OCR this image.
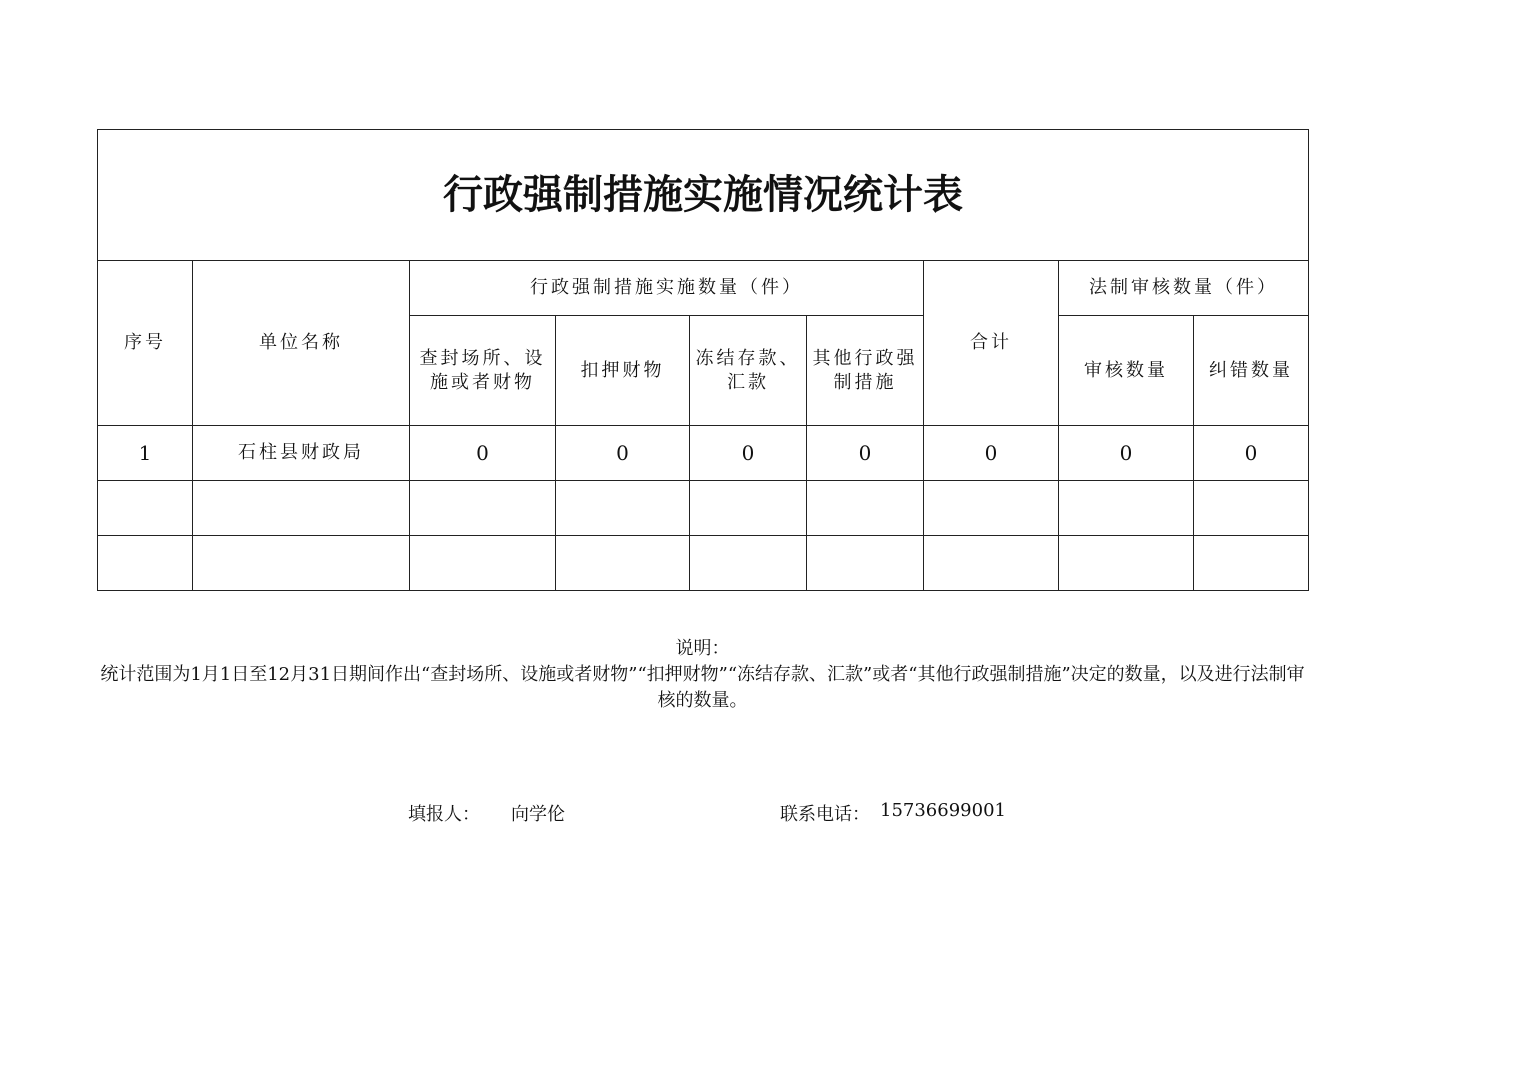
行政强制措施实施情况统计表								
序号	单位名称	行政强制措施实施数量（件）				合计	法制审核数量（件）	
		查封场所、设施或者财物	扣押财物	冻结存款、汇款	其他行政强制措施		审核数量	纠错数量
1	石柱县财政局	0	0	0	0	0	0	0

说明：
统计范围为1月1日至12月31日期间作出“查封场所、设施或者财物”“扣押财物”“冻结存款、汇款”或者“其他行政强制措施”决定的数量，以及进行法制审核的数量。
填报人： 向学伦	联系电话： 15736699001
